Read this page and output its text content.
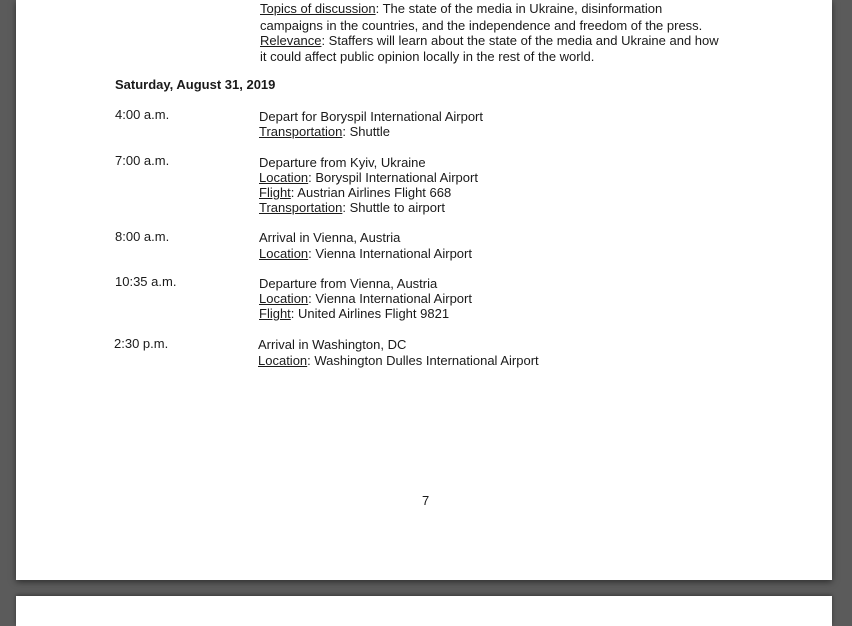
Topics of discussion: The state of the media in Ukraine, disinformation
campaigns in the countries, and the independence and freedom of the press.
Relevance: Staffers will learn about the state of the media and Ukraine and how
it could affect public opinion locally in the rest of the world.
Saturday, August 31, 2019
4:00 a.m.	Depart for Boryspil International Airport
Transportation: Shuttle
7:00 a.m.	Departure from Kyiv, Ukraine
Location: Boryspil International Airport
Flight: Austrian Airlines Flight 668
Transportation: Shuttle to airport
8:00 a.m.	Arrival in Vienna, Austria
Location: Vienna International Airport
10:35 a.m.	Departure from Vienna, Austria
Location: Vienna International Airport
Flight: United Airlines Flight 9821
2:30 p.m.	Arrival in Washington, DC
Location: Washington Dulles International Airport
7
